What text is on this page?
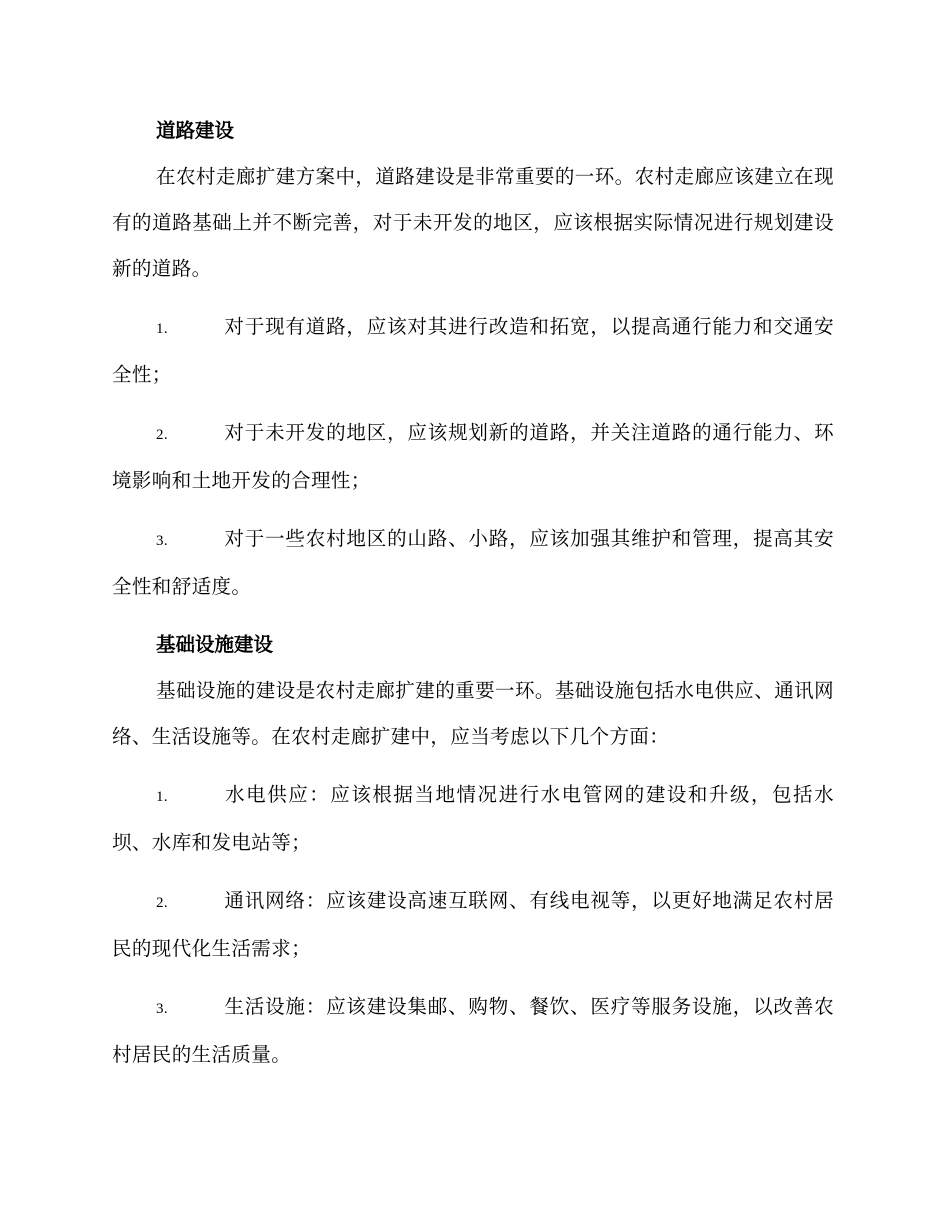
道路建设

在农村走廊扩建方案中，道路建设是非常重要的一环。农村走廊应该建立在现有的道路基础上并不断完善，对于未开发的地区，应该根据实际情况进行规划建设新的道路。

1.	对于现有道路，应该对其进行改造和拓宽，以提高通行能力和交通安全性；
2.	对于未开发的地区，应该规划新的道路，并关注道路的通行能力、环境影响和土地开发的合理性；
3.	对于一些农村地区的山路、小路，应该加强其维护和管理，提高其安全性和舒适度。
基础设施建设

基础设施的建设是农村走廊扩建的重要一环。基础设施包括水电供应、通讯网络、生活设施等。在农村走廊扩建中，应当考虑以下几个方面：

1.	水电供应：应该根据当地情况进行水电管网的建设和升级，包括水坝、水库和发电站等；
2.	通讯网络：应该建设高速互联网、有线电视等，以更好地满足农村居民的现代化生活需求；
3.	生活设施：应该建设集邮、购物、餐饮、医疗等服务设施，以改善农村居民的生活质量。
